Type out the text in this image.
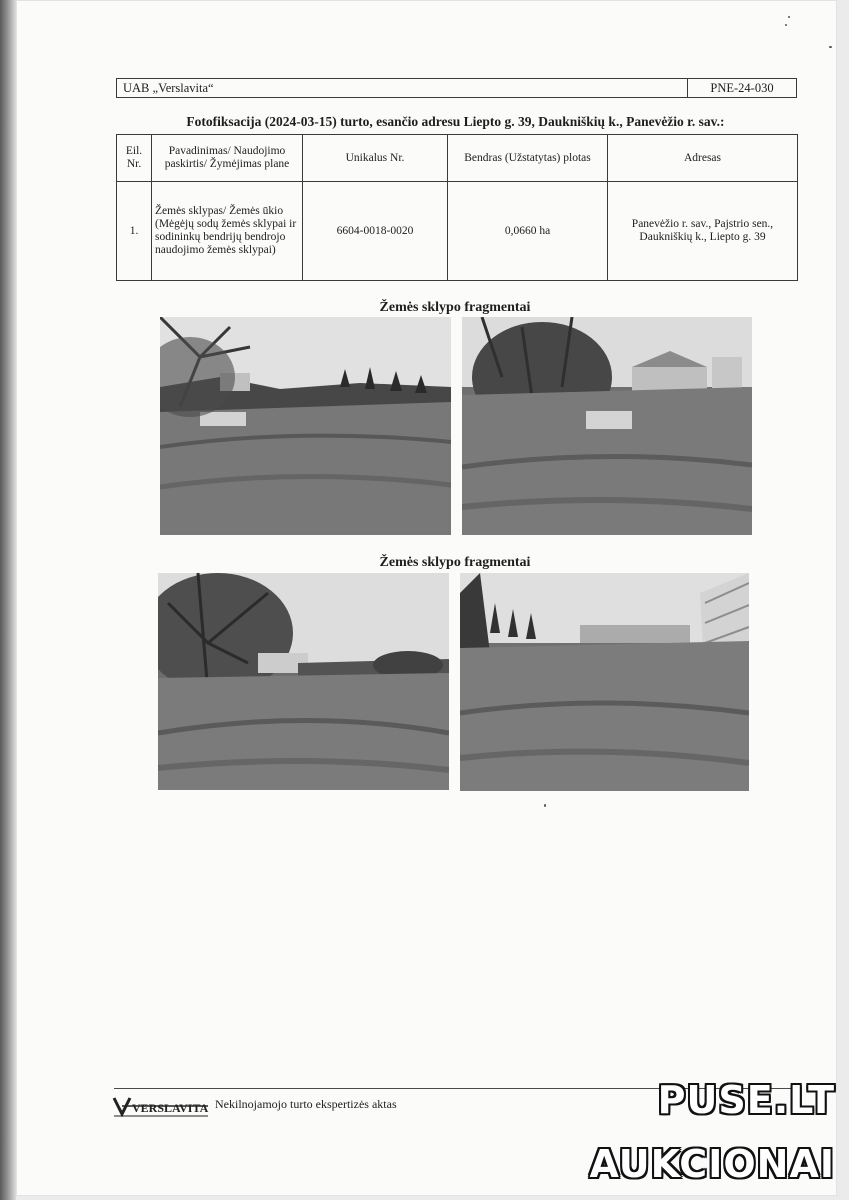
UAB „Verslavita“	PNE-24-030
Fotofiksacija (2024-03-15) turto, esančio adresu Liepto g. 39, Daukniškių k., Panevėžio r. sav.:
Eil. Nr.	Pavadinimas/ Naudojimo paskirtis/ Žymėjimas plane	Unikalus Nr.	Bendras (Užstatytas) plotas	Adresas
1.	Žemės sklypas/ Žemės ūkio (Mėgėjų sodų žemės sklypai ir sodininkų bendrijų bendrojo naudojimo žemės sklypai)	6604-0018-0020	0,0660 ha	Panevėžio r. sav., Pajstrio sen., Daukniškių k., Liepto g. 39
Žemės sklypo fragmentai
Žemės sklypo fragmentai
VERSLAVITA Nekilnojamojo turto ekspertizės aktas	PUSE.LT
AUKCIONAI
